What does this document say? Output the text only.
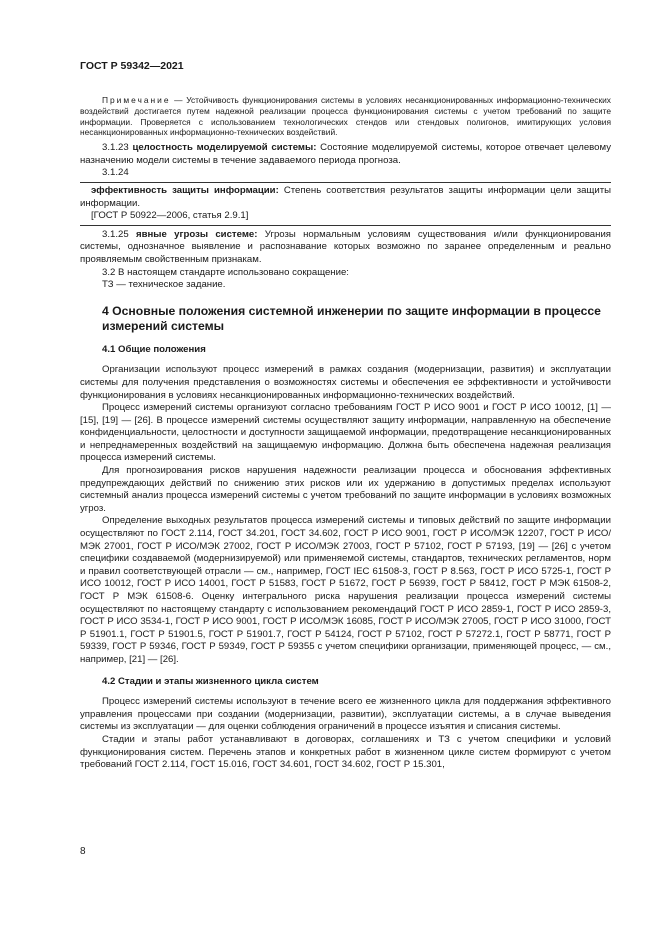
ГОСТ Р 59342—2021

Примечание — Устойчивость функционирования системы в условиях несанкционированных информационно-технических воздействий достигается путем надежной реализации процесса функционирования системы с учетом требований по защите информации. Проверяется с использованием технологических стендов или стендовых полигонов, имитирующих условия несанкционированных информационно-технических воздействий.

3.1.23 целостность моделируемой системы: Состояние моделируемой системы, которое отвечает целевому назначению модели системы в течение задаваемого периода прогноза.

3.1.24

эффективность защиты информации: Степень соответствия результатов защиты информации цели защиты информации.

[ГОСТ Р 50922—2006, статья 2.9.1]

3.1.25 явные угрозы системе: Угрозы нормальным условиям существования и/или функционирования системы, однозначное выявление и распознавание которых возможно по заранее определенным и реально проявляемым свойственным признакам.

3.2 В настоящем стандарте использовано сокращение:

ТЗ — техническое задание.

4 Основные положения системной инженерии по защите информации в процессе измерений системы
4.1 Общие положения

Организации используют процесс измерений в рамках создания (модернизации, развития) и эксплуатации системы для получения представления о возможностях системы и обеспечения ее эффективности и устойчивости функционирования в условиях несанкционированных информационно-технических воздействий.

Процесс измерений системы организуют согласно требованиям ГОСТ Р ИСО 9001 и ГОСТ Р ИСО 10012, [1] — [15], [19] — [26]. В процессе измерений системы осуществляют защиту информации, направленную на обеспечение конфиденциальности, целостности и доступности защищаемой информации, предотвращение несанкционированных и непреднамеренных воздействий на защищаемую информацию. Должна быть обеспечена надежная реализация процесса измерений системы.

Для прогнозирования рисков нарушения надежности реализации процесса и обоснования эффективных предупреждающих действий по снижению этих рисков или их удержанию в допустимых пределах используют системный анализ процесса измерений системы с учетом требований по защите информации в условиях возможных угроз.

Определение выходных результатов процесса измерений системы и типовых действий по защите информации осуществляют по ГОСТ 2.114, ГОСТ 34.201, ГОСТ 34.602, ГОСТ Р ИСО 9001, ГОСТ Р ИСО/МЭК 12207, ГОСТ Р ИСО/МЭК 27001, ГОСТ Р ИСО/МЭК 27002, ГОСТ Р ИСО/МЭК 27003, ГОСТ Р 57102, ГОСТ Р 57193, [19] — [26] с учетом специфики создаваемой (модернизируемой) или применяемой системы, стандартов, технических регламентов, норм и правил соответствующей отрасли — см., например, ГОСТ IEC 61508-3, ГОСТ Р 8.563, ГОСТ Р ИСО 5725-1, ГОСТ Р ИСО 10012, ГОСТ Р ИСО 14001, ГОСТ Р 51583, ГОСТ Р 51672, ГОСТ Р 56939, ГОСТ Р 58412, ГОСТ Р МЭК 61508-2, ГОСТ Р МЭК 61508-6. Оценку интегрального риска нарушения реализации процесса измерений системы осуществляют по настоящему стандарту с использованием рекомендаций ГОСТ Р ИСО 2859-1, ГОСТ Р ИСО 2859-3, ГОСТ Р ИСО 3534-1, ГОСТ Р ИСО 9001, ГОСТ Р ИСО/МЭК 16085, ГОСТ Р ИСО/МЭК 27005, ГОСТ Р ИСО 31000, ГОСТ Р 51901.1, ГОСТ Р 51901.5, ГОСТ Р 51901.7, ГОСТ Р 54124, ГОСТ Р 57102, ГОСТ Р 57272.1, ГОСТ Р 58771, ГОСТ Р 59339, ГОСТ Р 59346, ГОСТ Р 59349, ГОСТ Р 59355 с учетом специфики организации, применяющей процесс, — см., например, [21] — [26].

4.2 Стадии и этапы жизненного цикла систем

Процесс измерений системы используют в течение всего ее жизненного цикла для поддержания эффективного управления процессами при создании (модернизации, развитии), эксплуатации системы, а в случае выведения системы из эксплуатации — для оценки соблюдения ограничений в процессе изъятия и списания системы.

Стадии и этапы работ устанавливают в договорах, соглашениях и ТЗ с учетом специфики и условий функционирования систем. Перечень этапов и конкретных работ в жизненном цикле систем формируют с учетом требований ГОСТ 2.114, ГОСТ 15.016, ГОСТ 34.601, ГОСТ 34.602, ГОСТ Р 15.301,

8
